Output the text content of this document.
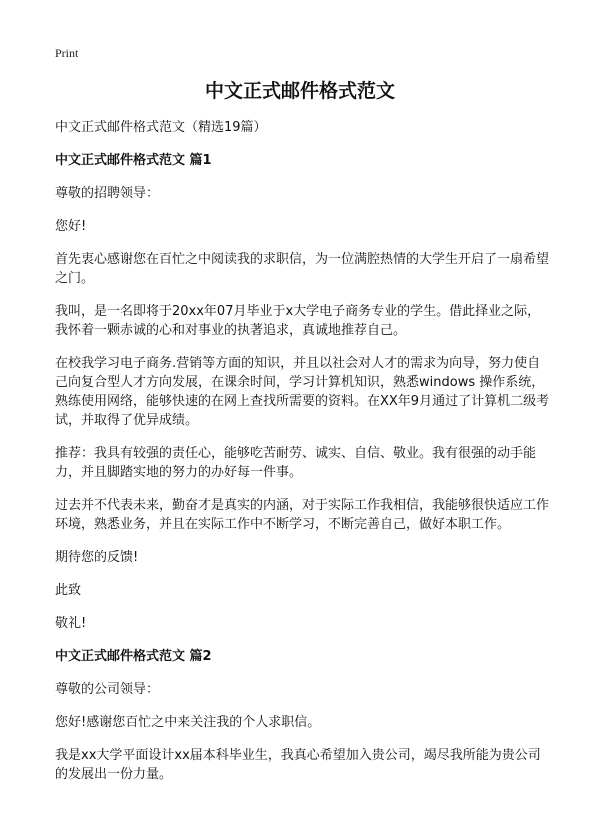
Print
中文正式邮件格式范文

中文正式邮件格式范文（精选19篇）

中文正式邮件格式范文 篇1

尊敬的招聘领导：

您好!

首先衷心感谢您在百忙之中阅读我的求职信，为一位满腔热情的大学生开启了一扇希望之门。

我叫，是一名即将于20xx年07月毕业于x大学电子商务专业的学生。借此择业之际，我怀着一颗赤诚的心和对事业的执著追求，真诚地推荐自己。

在校我学习电子商务.营销等方面的知识，并且以社会对人才的需求为向导，努力使自己向复合型人才方向发展，在课余时间，学习计算机知识，熟悉windows 操作系统，熟练使用网络，能够快速的在网上查找所需要的资料。在XX年9月通过了计算机二级考试，并取得了优异成绩。

推荐：我具有较强的责任心，能够吃苦耐劳、诚实、自信、敬业。我有很强的动手能力，并且脚踏实地的努力的办好每一件事。

过去并不代表未来，勤奋才是真实的内涵，对于实际工作我相信，我能够很快适应工作环境，熟悉业务，并且在实际工作中不断学习，不断完善自己，做好本职工作。

期待您的反馈!

此致

敬礼!

中文正式邮件格式范文 篇2

尊敬的公司领导：

您好!感谢您百忙之中来关注我的个人求职信。

我是xx大学平面设计xx届本科毕业生，我真心希望加入贵公司，竭尽我所能为贵公司的发展出一份力量。
